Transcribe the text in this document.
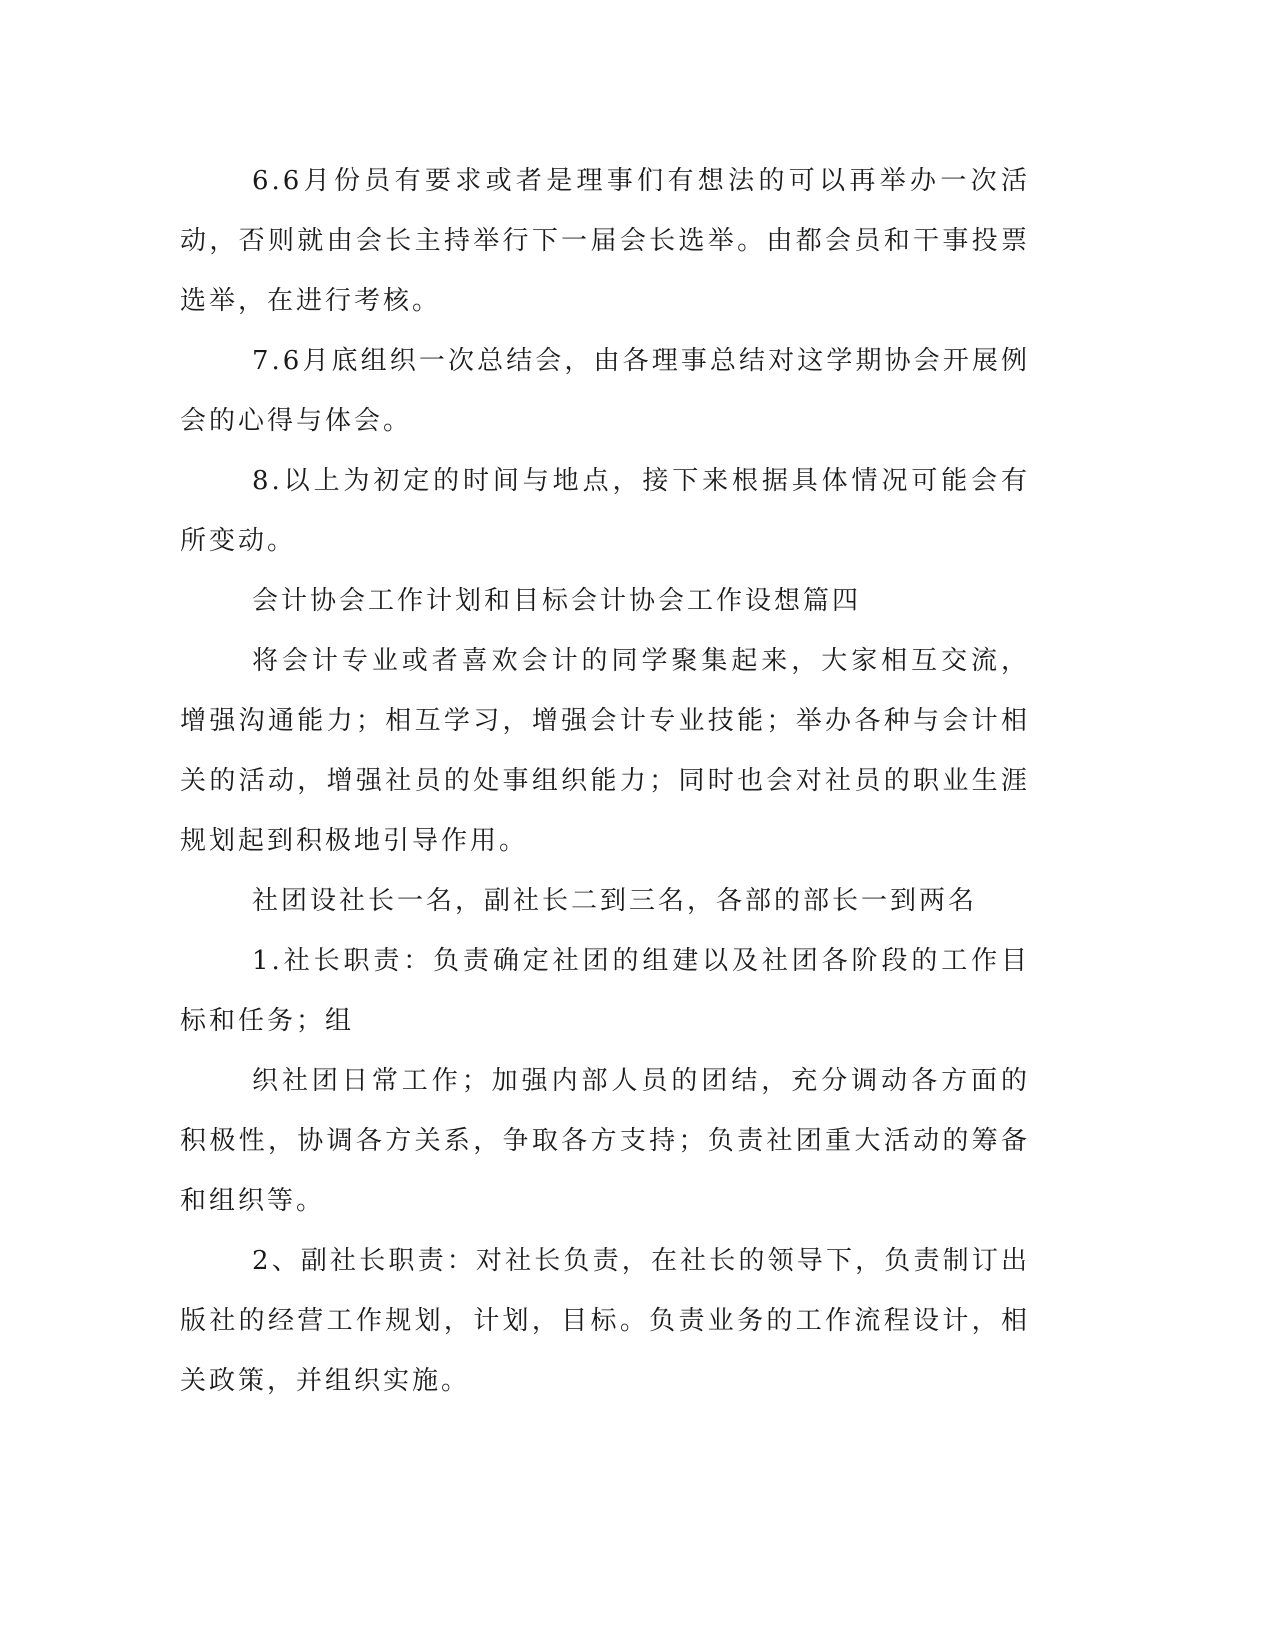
6.6月份员有要求或者是理事们有想法的可以再举办一次活动，否则就由会长主持举行下一届会长选举。由都会员和干事投票选举，在进行考核。

7.6月底组织一次总结会，由各理事总结对这学期协会开展例会的心得与体会。

8.以上为初定的时间与地点，接下来根据具体情况可能会有所变动。

会计协会工作计划和目标会计协会工作设想篇四

将会计专业或者喜欢会计的同学聚集起来，大家相互交流，增强沟通能力；相互学习，增强会计专业技能；举办各种与会计相关的活动，增强社员的处事组织能力；同时也会对社员的职业生涯规划起到积极地引导作用。

社团设社长一名，副社长二到三名，各部的部长一到两名

1.社长职责：负责确定社团的组建以及社团各阶段的工作目标和任务；组

织社团日常工作；加强内部人员的团结，充分调动各方面的积极性，协调各方关系，争取各方支持；负责社团重大活动的筹备和组织等。

2、副社长职责：对社长负责，在社长的领导下，负责制订出版社的经营工作规划，计划，目标。负责业务的工作流程设计，相关政策，并组织实施。
